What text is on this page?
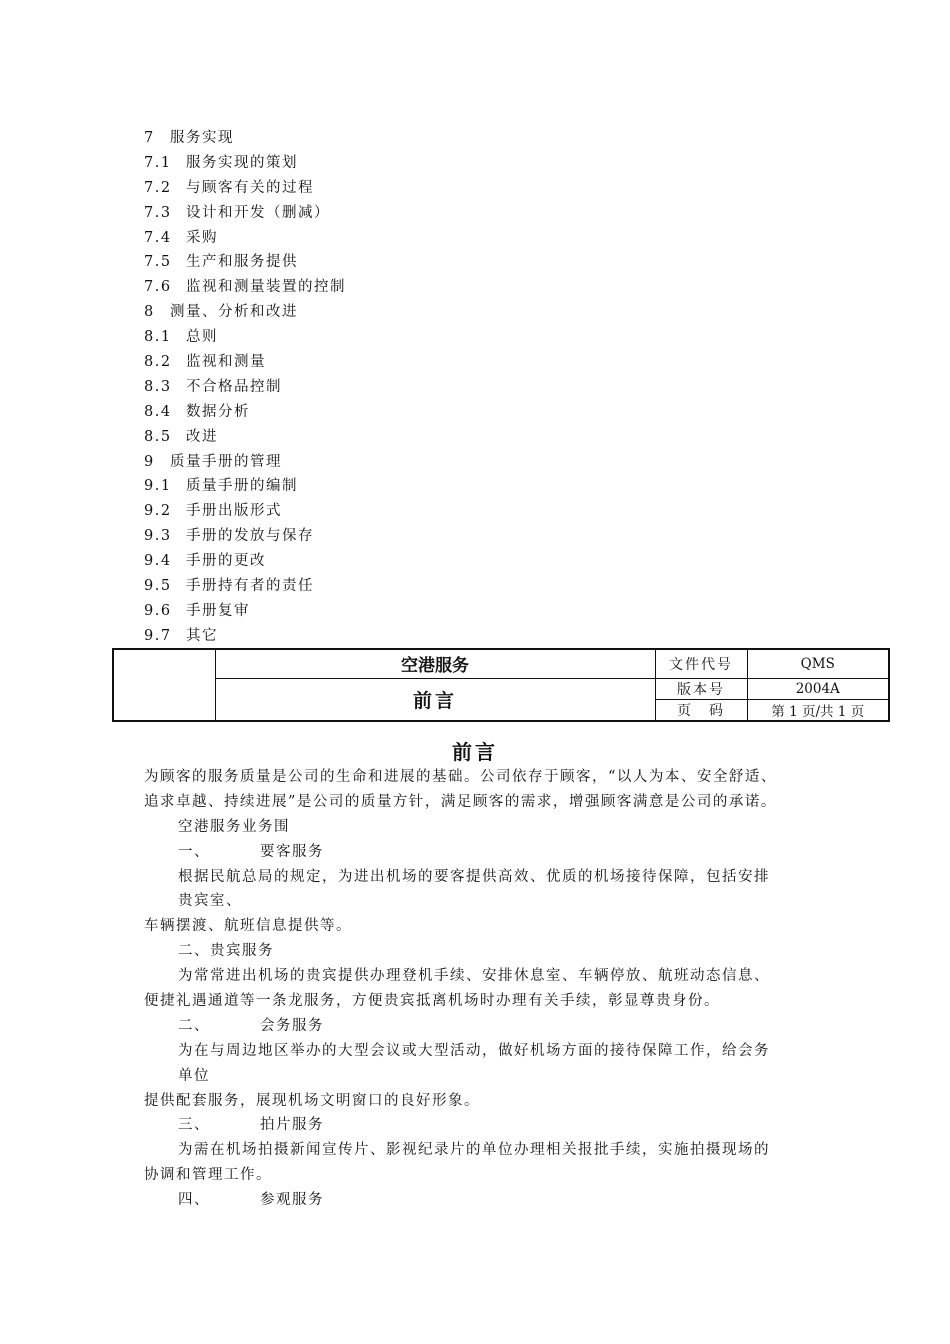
7 服务实现
7.1 服务实现的策划
7.2 与顾客有关的过程
7.3 设计和开发（删减）
7.4 采购
7.5 生产和服务提供
7.6 监视和测量装置的控制
8 测量、分析和改进
8.1 总则
8.2 监视和测量
8.3 不合格品控制
8.4 数据分析
8.5 改进
9 质量手册的管理
9.1 质量手册的编制
9.2 手册出版形式
9.3 手册的发放与保存
9.4 手册的更改
9.5 手册持有者的责任
9.6 手册复审
9.7 其它
	空港服务	文件代号	QMS
	前言	版本号	2004A
		页　码	第 1 页/共 1 页
前言
为顾客的服务质量是公司的生命和进展的基础。公司依存于顾客，“以人为本、安全舒适、
追求卓越、持续进展”是公司的质量方针，满足顾客的需求，增强顾客满意是公司的承诺。
空港服务业务围
一、	要客服务
根据民航总局的规定，为进出机场的要客提供高效、优质的机场接待保障，包括安排
贵宾室、
车辆摆渡、航班信息提供等。
二、贵宾服务
为常常进出机场的贵宾提供办理登机手续、安排休息室、车辆停放、航班动态信息、
便捷礼遇通道等一条龙服务，方便贵宾抵离机场时办理有关手续，彰显尊贵身份。
二、	会务服务
为在与周边地区举办的大型会议或大型活动，做好机场方面的接待保障工作，给会务
单位
提供配套服务，展现机场文明窗口的良好形象。
三、	拍片服务
为需在机场拍摄新闻宣传片、影视纪录片的单位办理相关报批手续，实施拍摄现场的
协调和管理工作。
四、	参观服务
